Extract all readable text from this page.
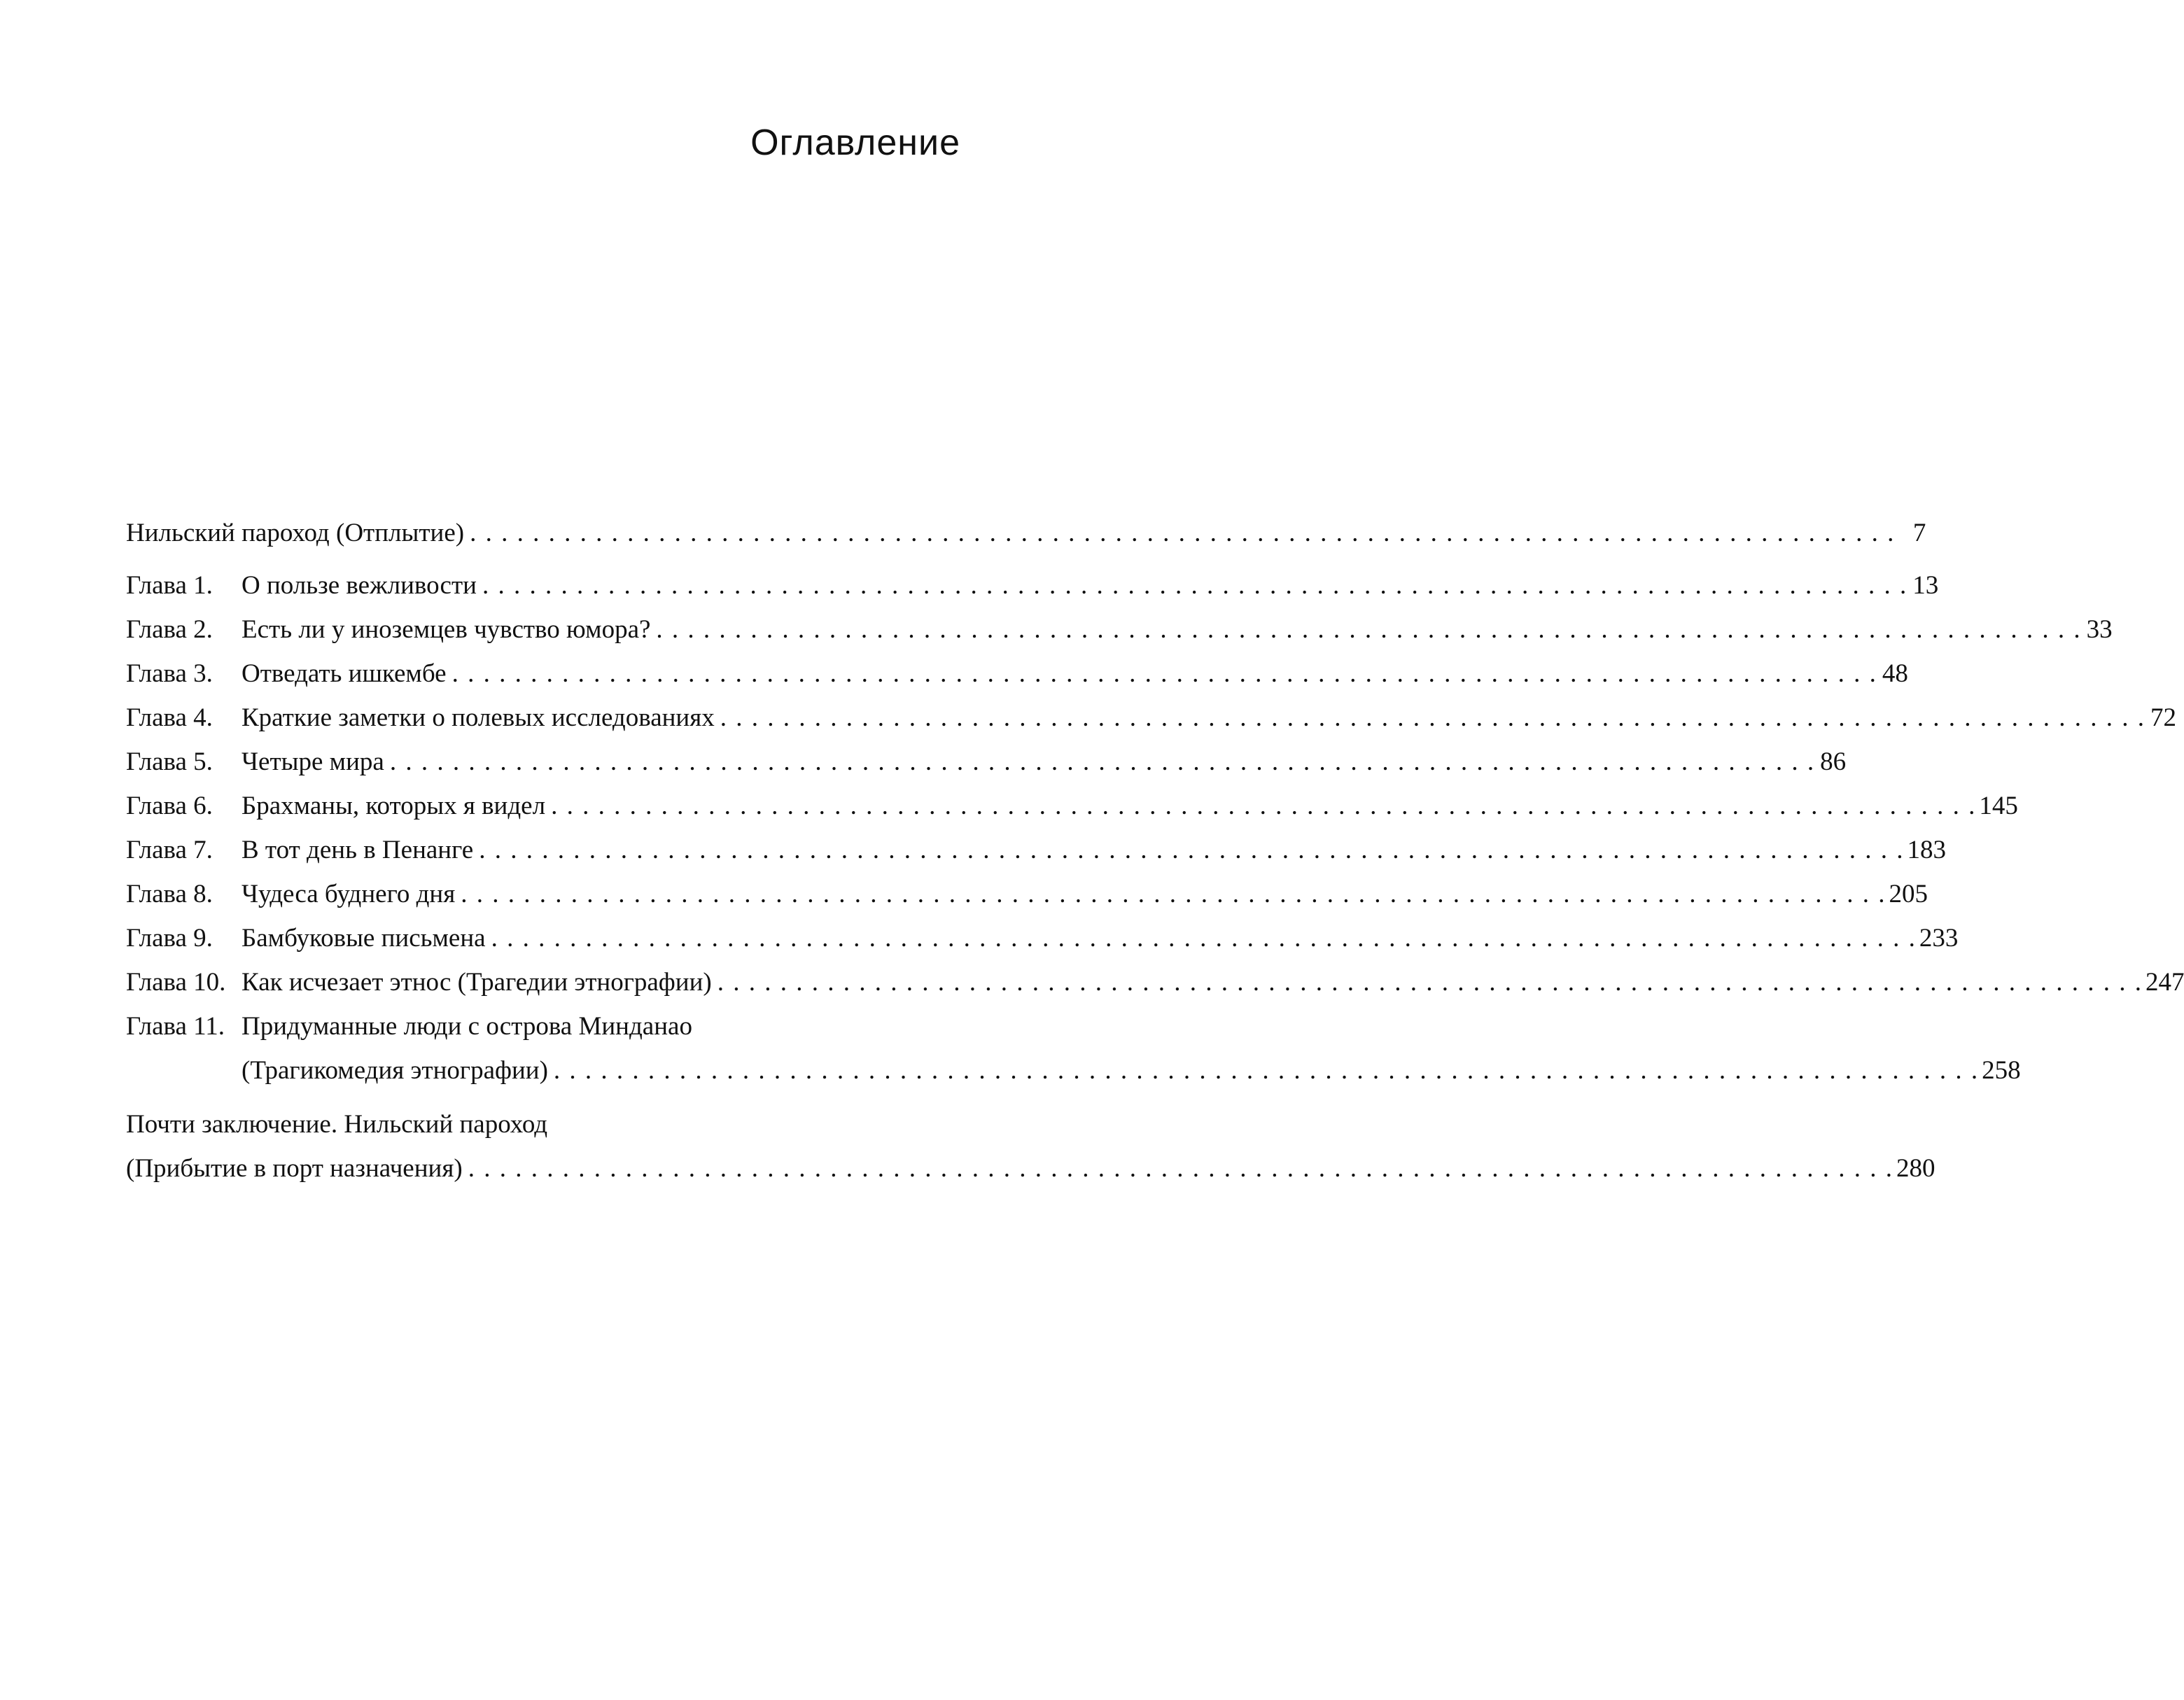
Оглавление
Нильский пароход (Отплытие) . . .	7
Глава 1.	О пользе вежливости . . .	13
Глава 2.	Есть ли у иноземцев чувство юмора? . . .	33
Глава 3.	Отведать ишкембе . . .	48
Глава 4.	Краткие заметки о полевых исследованиях . . .	72
Глава 5.	Четыре мира . . .	86
Глава 6.	Брахманы, которых я видел . . .	145
Глава 7.	В тот день в Пенанге . . .	183
Глава 8.	Чудеса буднего дня . . .	205
Глава 9.	Бамбуковые письмена . . .	233
Глава 10. Как исчезает этнос (Трагедии этнографии) . . .	247
Глава 11. Придуманные люди с острова Минданао
(Трагикомедия этнографии) . . .	258
Почти заключение. Нильский пароход
(Прибытие в порт назначения) . . .	280
